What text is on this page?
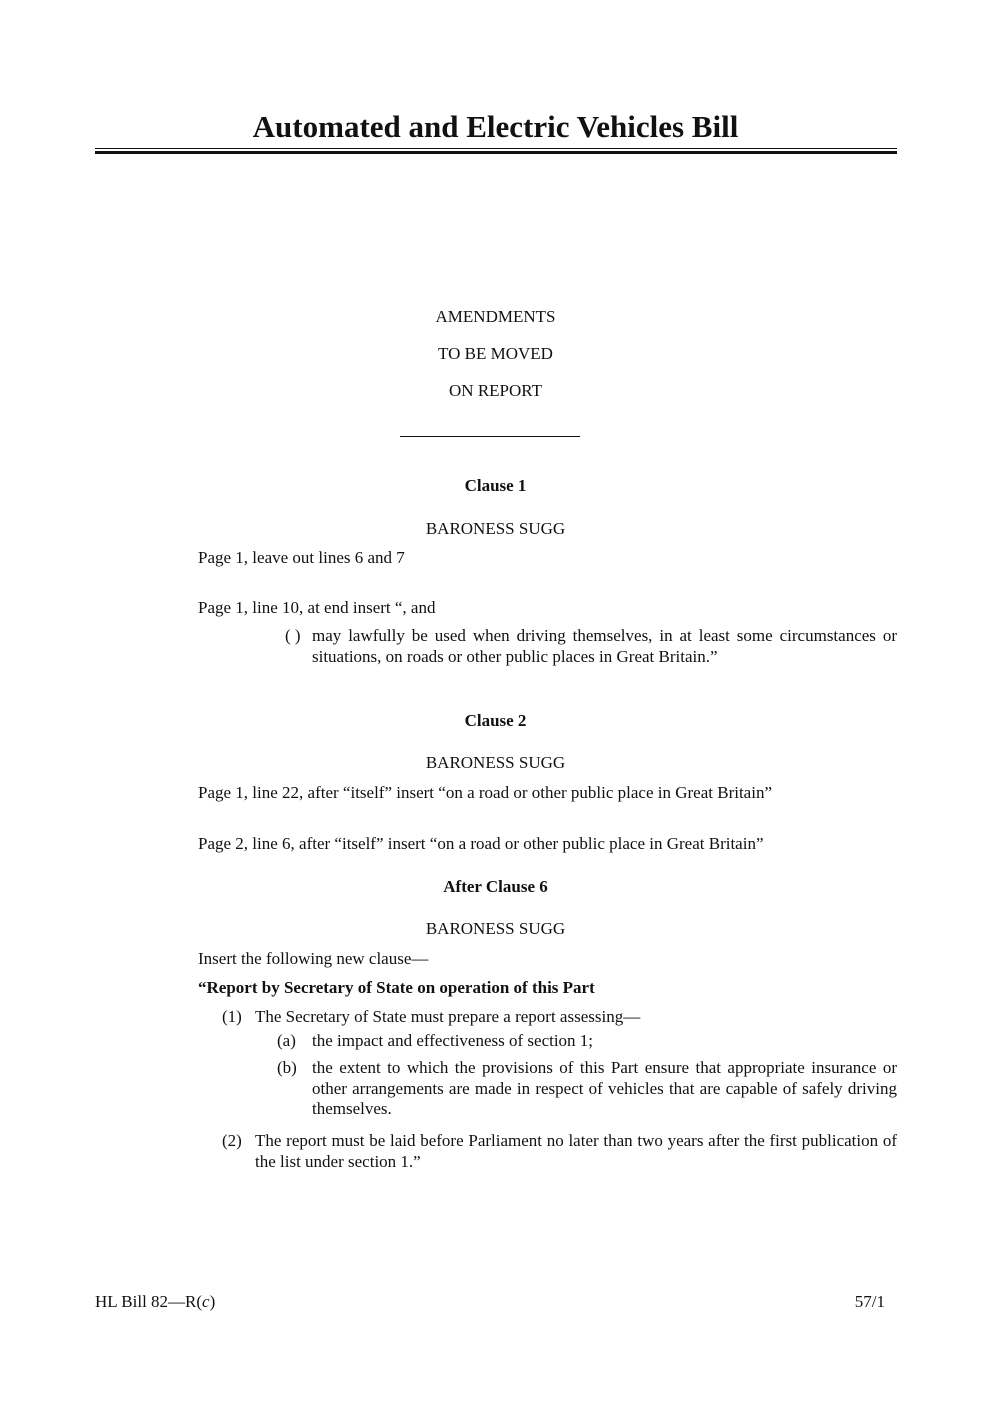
Automated and Electric Vehicles Bill
AMENDMENTS
TO BE MOVED
ON REPORT
Clause 1
BARONESS SUGG
Page 1, leave out lines 6 and 7
Page 1, line 10, at end insert “, and
( ) may lawfully be used when driving themselves, in at least some circumstances or situations, on roads or other public places in Great Britain.”
Clause 2
BARONESS SUGG
Page 1, line 22, after “itself” insert “on a road or other public place in Great Britain”
Page 2, line 6, after “itself” insert “on a road or other public place in Great Britain”
After Clause 6
BARONESS SUGG
Insert the following new clause—
“Report by Secretary of State on operation of this Part
(1) The Secretary of State must prepare a report assessing—
(a) the impact and effectiveness of section 1;
(b) the extent to which the provisions of this Part ensure that appropriate insurance or other arrangements are made in respect of vehicles that are capable of safely driving themselves.
(2) The report must be laid before Parliament no later than two years after the first publication of the list under section 1.”
HL Bill 82—R(c)	57/1
